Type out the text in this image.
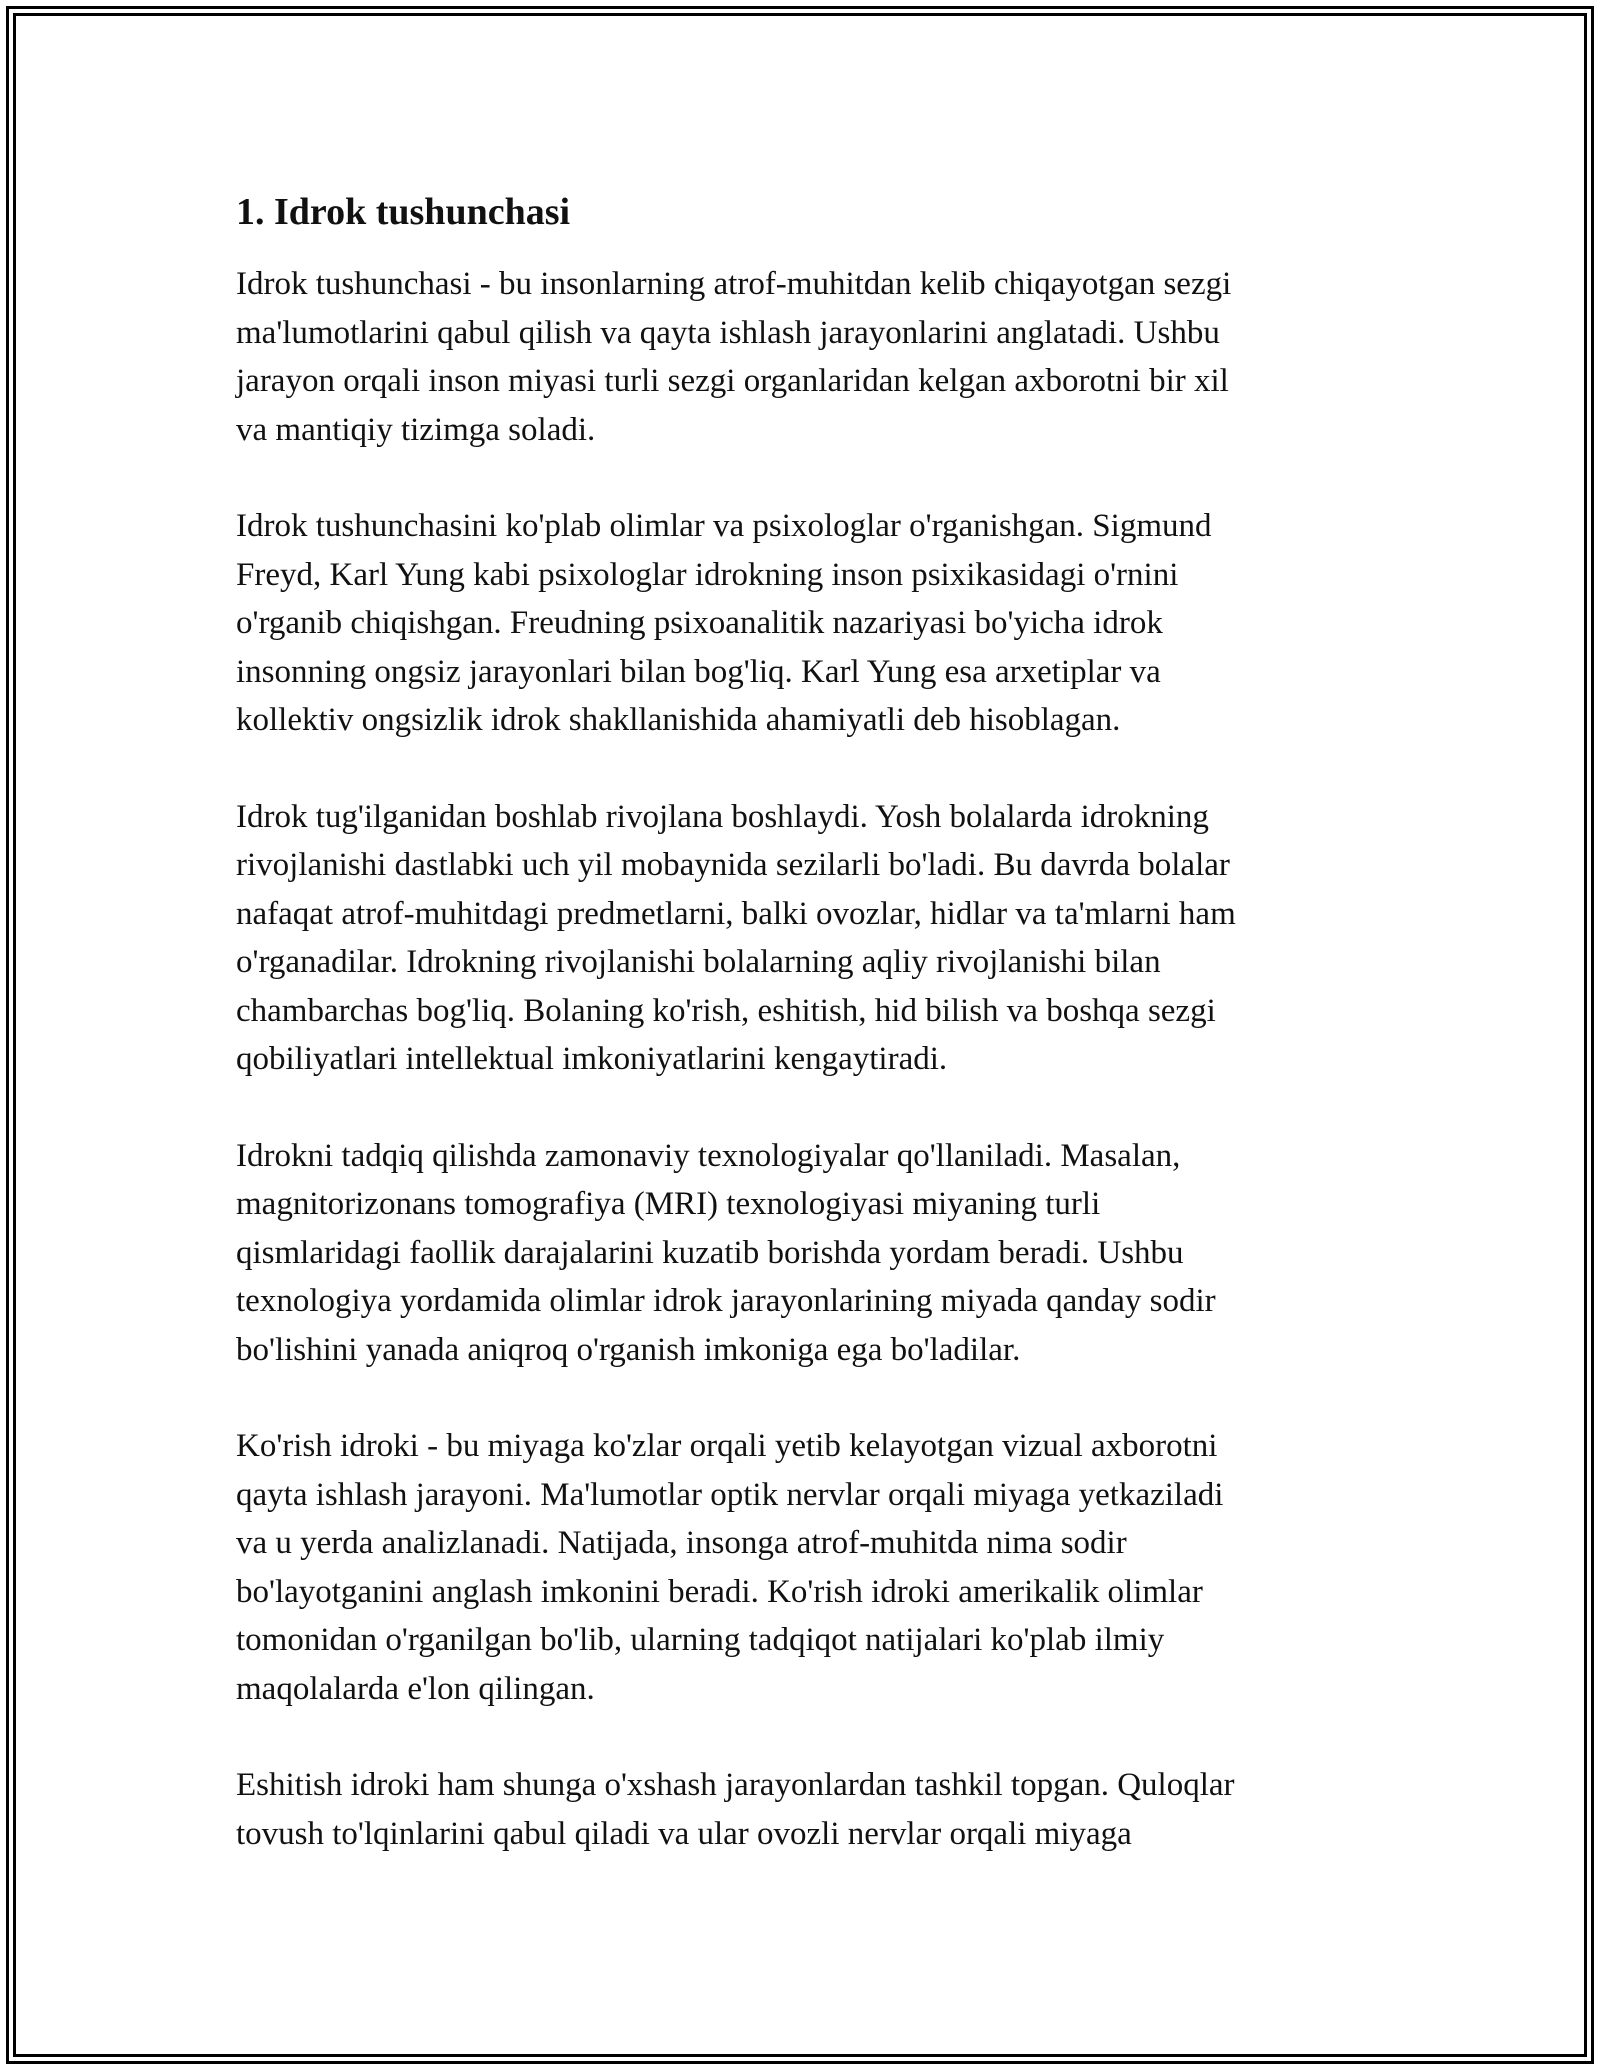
1. Idrok tushunchasi

Idrok tushunchasi - bu insonlarning atrof-muhitdan kelib chiqayotgan sezgi
ma'lumotlarini qabul qilish va qayta ishlash jarayonlarini anglatadi. Ushbu
jarayon orqali inson miyasi turli sezgi organlaridan kelgan axborotni bir xil
va mantiqiy tizimga soladi.

Idrok tushunchasini ko'plab olimlar va psixologlar o'rganishgan. Sigmund
Freyd, Karl Yung kabi psixologlar idrokning inson psixikasidagi o'rnini
o'rganib chiqishgan. Freudning psixoanalitik nazariyasi bo'yicha idrok
insonning ongsiz jarayonlari bilan bog'liq. Karl Yung esa arxetiplar va
kollektiv ongsizlik idrok shakllanishida ahamiyatli deb hisoblagan.

Idrok tug'ilganidan boshlab rivojlana boshlaydi. Yosh bolalarda idrokning
rivojlanishi dastlabki uch yil mobaynida sezilarli bo'ladi. Bu davrda bolalar
nafaqat atrof-muhitdagi predmetlarni, balki ovozlar, hidlar va ta'mlarni ham
o'rganadilar. Idrokning rivojlanishi bolalarning aqliy rivojlanishi bilan
chambarchas bog'liq. Bolaning ko'rish, eshitish, hid bilish va boshqa sezgi
qobiliyatlari intellektual imkoniyatlarini kengaytiradi.

Idrokni tadqiq qilishda zamonaviy texnologiyalar qo'llaniladi. Masalan,
magnitorizonans tomografiya (MRI) texnologiyasi miyaning turli
qismlaridagi faollik darajalarini kuzatib borishda yordam beradi. Ushbu
texnologiya yordamida olimlar idrok jarayonlarining miyada qanday sodir
bo'lishini yanada aniqroq o'rganish imkoniga ega bo'ladilar.

Ko'rish idroki - bu miyaga ko'zlar orqali yetib kelayotgan vizual axborotni
qayta ishlash jarayoni. Ma'lumotlar optik nervlar orqali miyaga yetkaziladi
va u yerda analizlanadi. Natijada, insonga atrof-muhitda nima sodir
bo'layotganini anglash imkonini beradi. Ko'rish idroki amerikalik olimlar
tomonidan o'rganilgan bo'lib, ularning tadqiqot natijalari ko'plab ilmiy
maqolalarda e'lon qilingan.

Eshitish idroki ham shunga o'xshash jarayonlardan tashkil topgan. Quloqlar
tovush to'lqinlarini qabul qiladi va ular ovozli nervlar orqali miyaga
